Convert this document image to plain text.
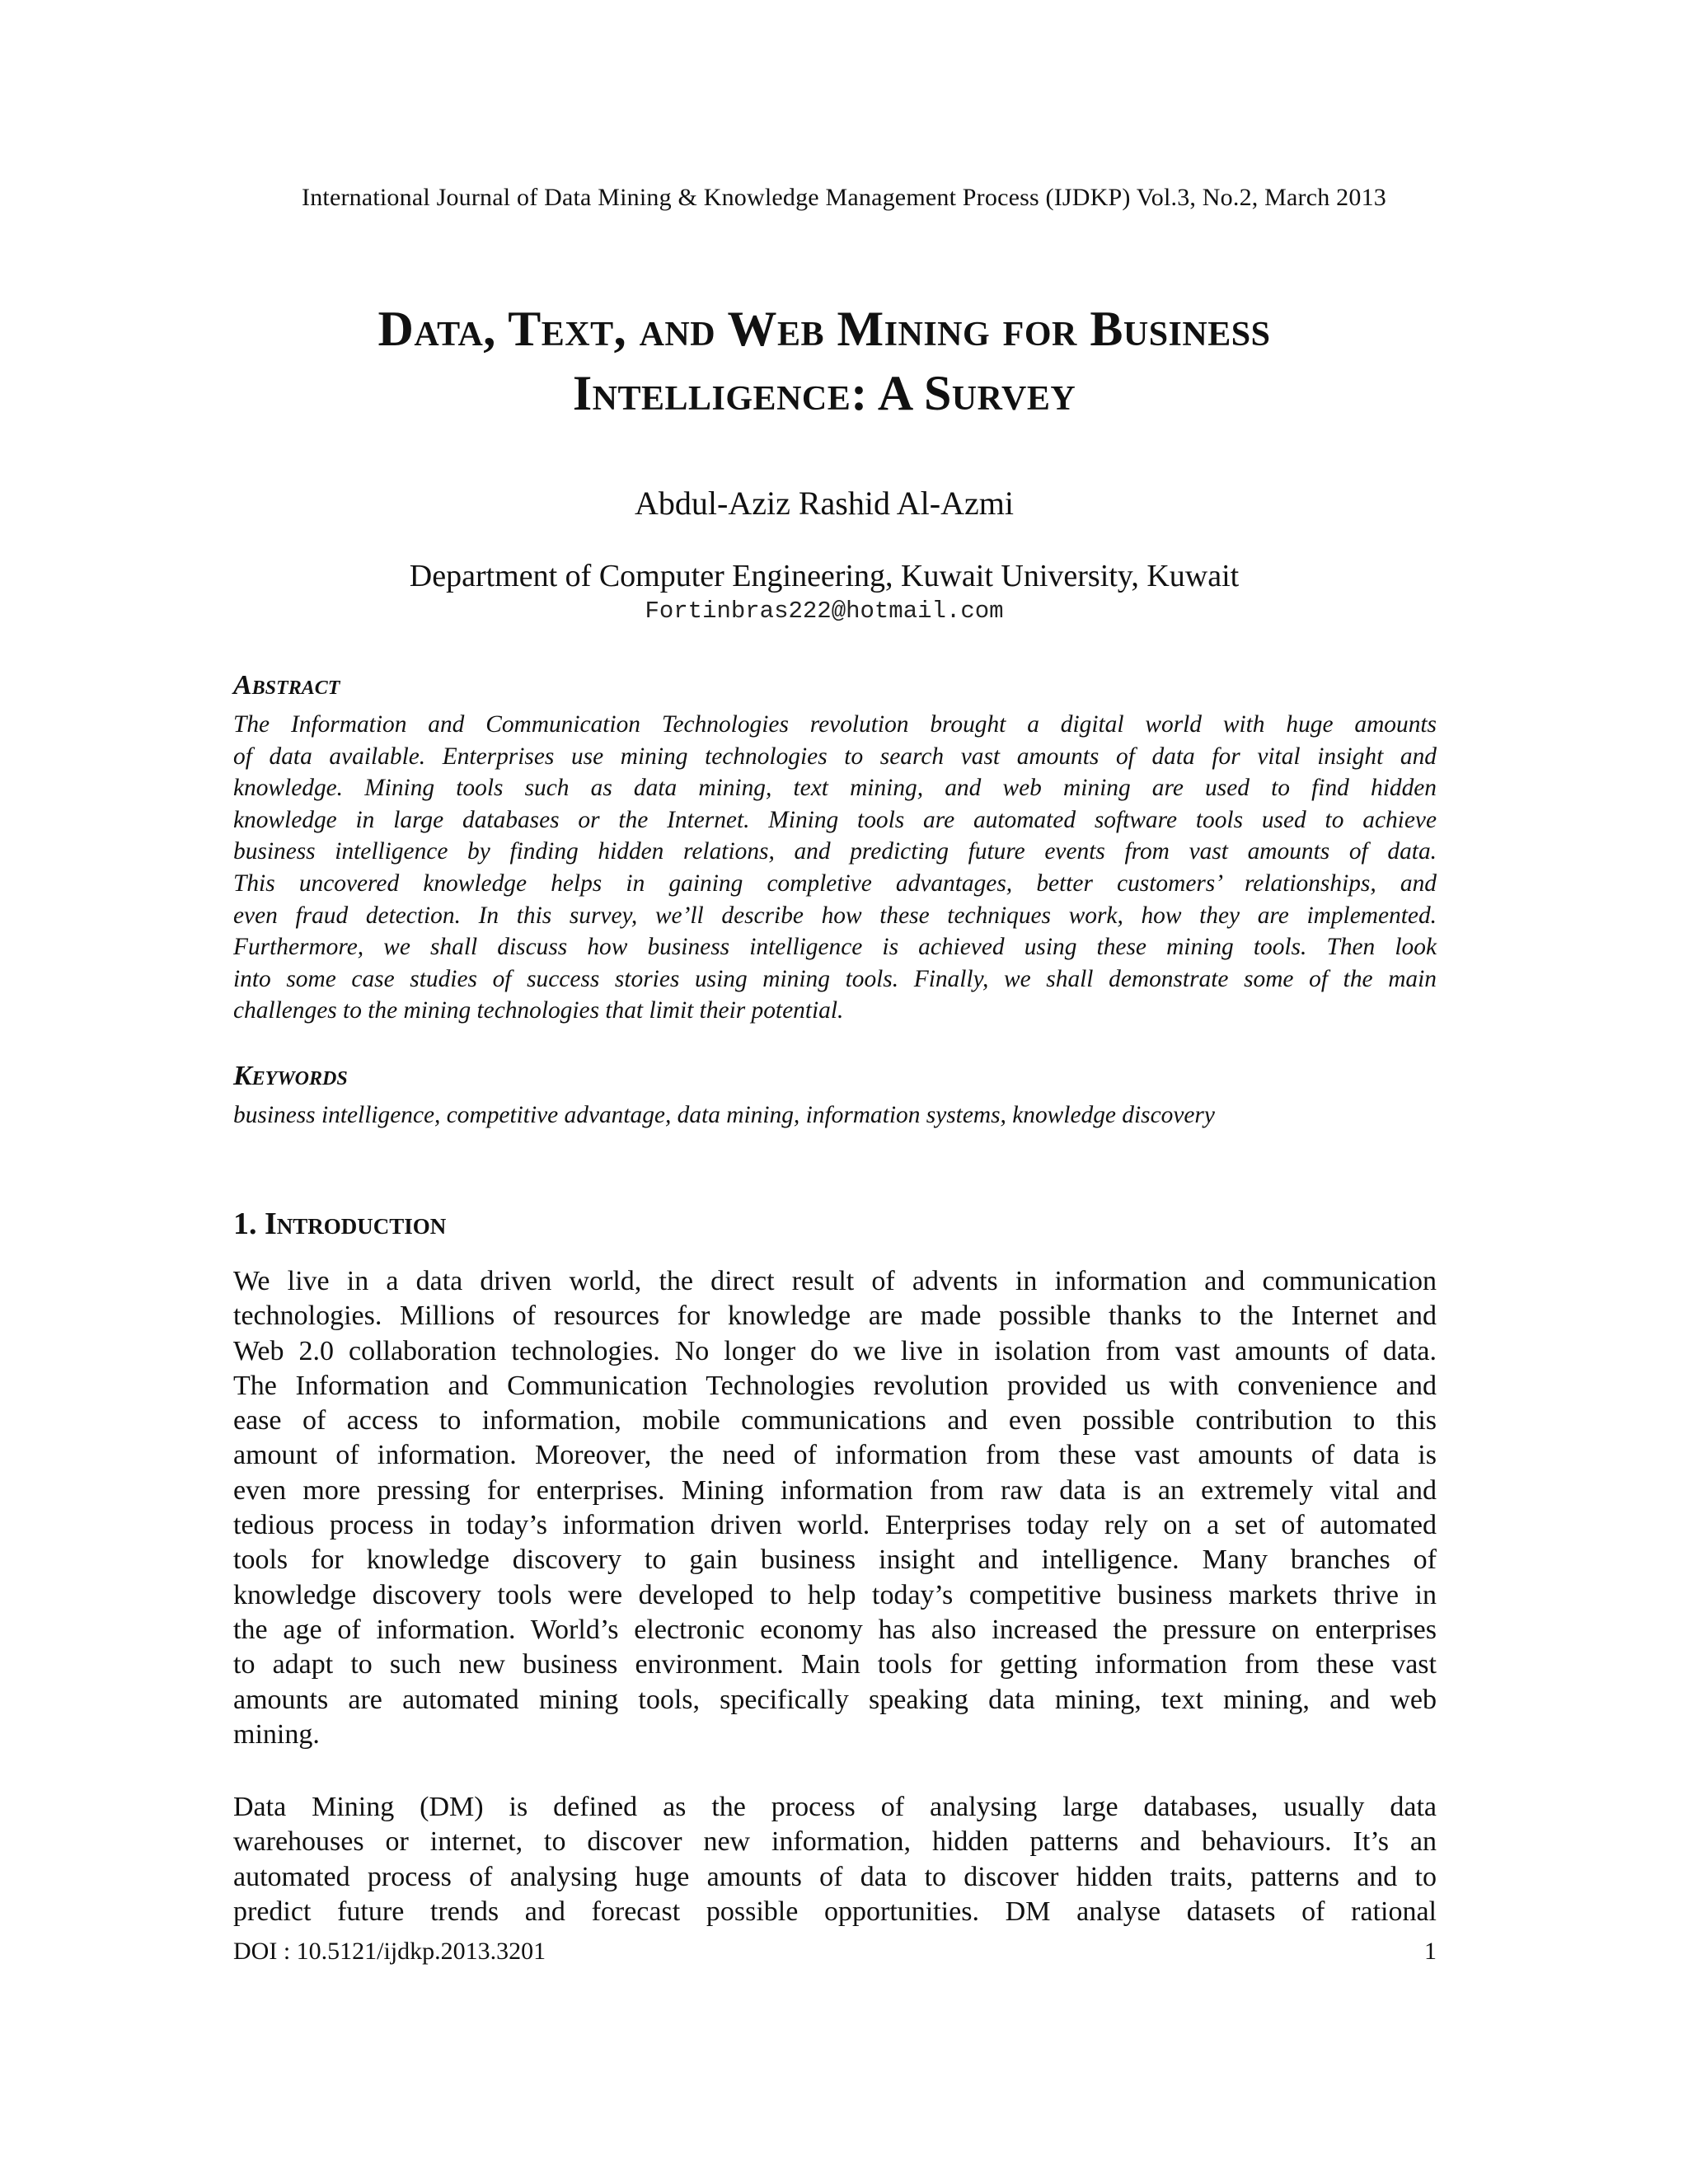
International Journal of Data Mining & Knowledge Management Process (IJDKP) Vol.3, No.2, March 2013
Data, Text, and Web Mining for Business
Intelligence: A Survey
Abdul-Aziz Rashid Al-Azmi
Department of Computer Engineering, Kuwait University, Kuwait
Fortinbras222@hotmail.com
Abstract
The Information and Communication Technologies revolution brought a digital world with huge amounts
of data available. Enterprises use mining technologies to search vast amounts of data for vital insight and
knowledge. Mining tools such as data mining, text mining, and web mining are used to find hidden
knowledge in large databases or the Internet. Mining tools are automated software tools used to achieve
business intelligence by finding hidden relations, and predicting future events from vast amounts of data.
This uncovered knowledge helps in gaining completive advantages, better customers’ relationships, and
even fraud detection. In this survey, we’ll describe how these techniques work, how they are implemented.
Furthermore, we shall discuss how business intelligence is achieved using these mining tools. Then look
into some case studies of success stories using mining tools. Finally, we shall demonstrate some of the main
challenges to the mining technologies that limit their potential.
Keywords
business intelligence, competitive advantage, data mining, information systems, knowledge discovery
1. Introduction
We live in a data driven world, the direct result of advents in information and communication
technologies. Millions of resources for knowledge are made possible thanks to the Internet and
Web 2.0 collaboration technologies. No longer do we live in isolation from vast amounts of data.
The Information and Communication Technologies revolution provided us with convenience and
ease of access to information, mobile communications and even possible contribution to this
amount of information. Moreover, the need of information from these vast amounts of data is
even more pressing for enterprises. Mining information from raw data is an extremely vital and
tedious process in today’s information driven world. Enterprises today rely on a set of automated
tools for knowledge discovery to gain business insight and intelligence. Many branches of
knowledge discovery tools were developed to help today’s competitive business markets thrive in
the age of information. World’s electronic economy has also increased the pressure on enterprises
to adapt to such new business environment. Main tools for getting information from these vast
amounts are automated mining tools, specifically speaking data mining, text mining, and web
mining.
Data Mining (DM) is defined as the process of analysing large databases, usually data
warehouses or internet, to discover new information, hidden patterns and behaviours. It’s an
automated process of analysing huge amounts of data to discover hidden traits, patterns and to
predict future trends and forecast possible opportunities. DM analyse datasets of rational
DOI : 10.5121/ijdkp.2013.3201	1
